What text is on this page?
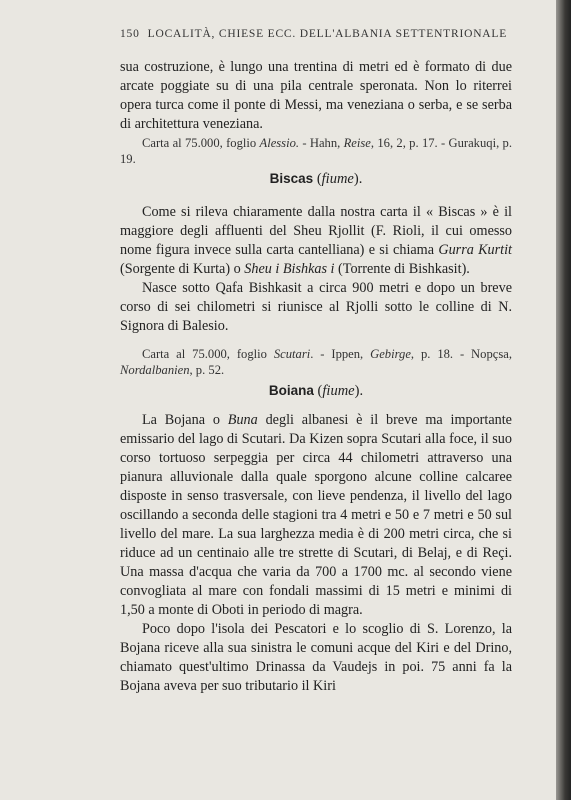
150 LOCALITÀ, CHIESE ECC. DELL'ALBANIA SETTENTRIONALE

sua costruzione, è lungo una trentina di metri ed è formato di due arcate poggiate su di una pila centrale speronata. Non lo riterrei opera turca come il ponte di Messi, ma veneziana o serba, e se serba di architettura veneziana.

Carta al 75.000, foglio Alessio. - Hahn, Reise, 16, 2, p. 17. - Gurakuqi, p. 19.

Biscas (fiume).

Come si rileva chiaramente dalla nostra carta il « Biscas » è il maggiore degli affluenti del Sheu Rjollit (F. Rioli, il cui omesso nome figura invece sulla carta cantelliana) e si chiama Gurra Kurtit (Sorgente di Kurta) o Sheu i Bishkas i (Torrente di Bishkasit).

Nasce sotto Qafa Bishkasit a circa 900 metri e dopo un breve corso di sei chilometri si riunisce al Rjolli sotto le colline di N. Signora di Balesio.

Carta al 75.000, foglio Scutari. - Ippen, Gebirge, p. 18. - Nopçsa, Nordalbanien, p. 52.

Boiana (fiume).

La Bojana o Buna degli albanesi è il breve ma importante emissario del lago di Scutari. Da Kizen sopra Scutari alla foce, il suo corso tortuoso serpeggia per circa 44 chilometri attraverso una pianura alluvionale dalla quale sporgono alcune colline calcaree disposte in senso trasversale, con lieve pendenza, il livello del lago oscillando a seconda delle stagioni tra 4 metri e 50 e 7 metri e 50 sul livello del mare. La sua larghezza media è di 200 metri circa, che si riduce ad un centinaio alle tre strette di Scutari, di Belaj, e di Reçi. Una massa d'acqua che varia da 700 a 1700 mc. al secondo viene convogliata al mare con fondali massimi di 15 metri e minimi di 1,50 a monte di Oboti in periodo di magra.

Poco dopo l'isola dei Pescatori e lo scoglio di S. Lorenzo, la Bojana riceve alla sua sinistra le comuni acque del Kiri e del Drino, chiamato quest'ultimo Drinassa da Vaudejs in poi. 75 anni fa la Bojana aveva per suo tributario il Kiri
